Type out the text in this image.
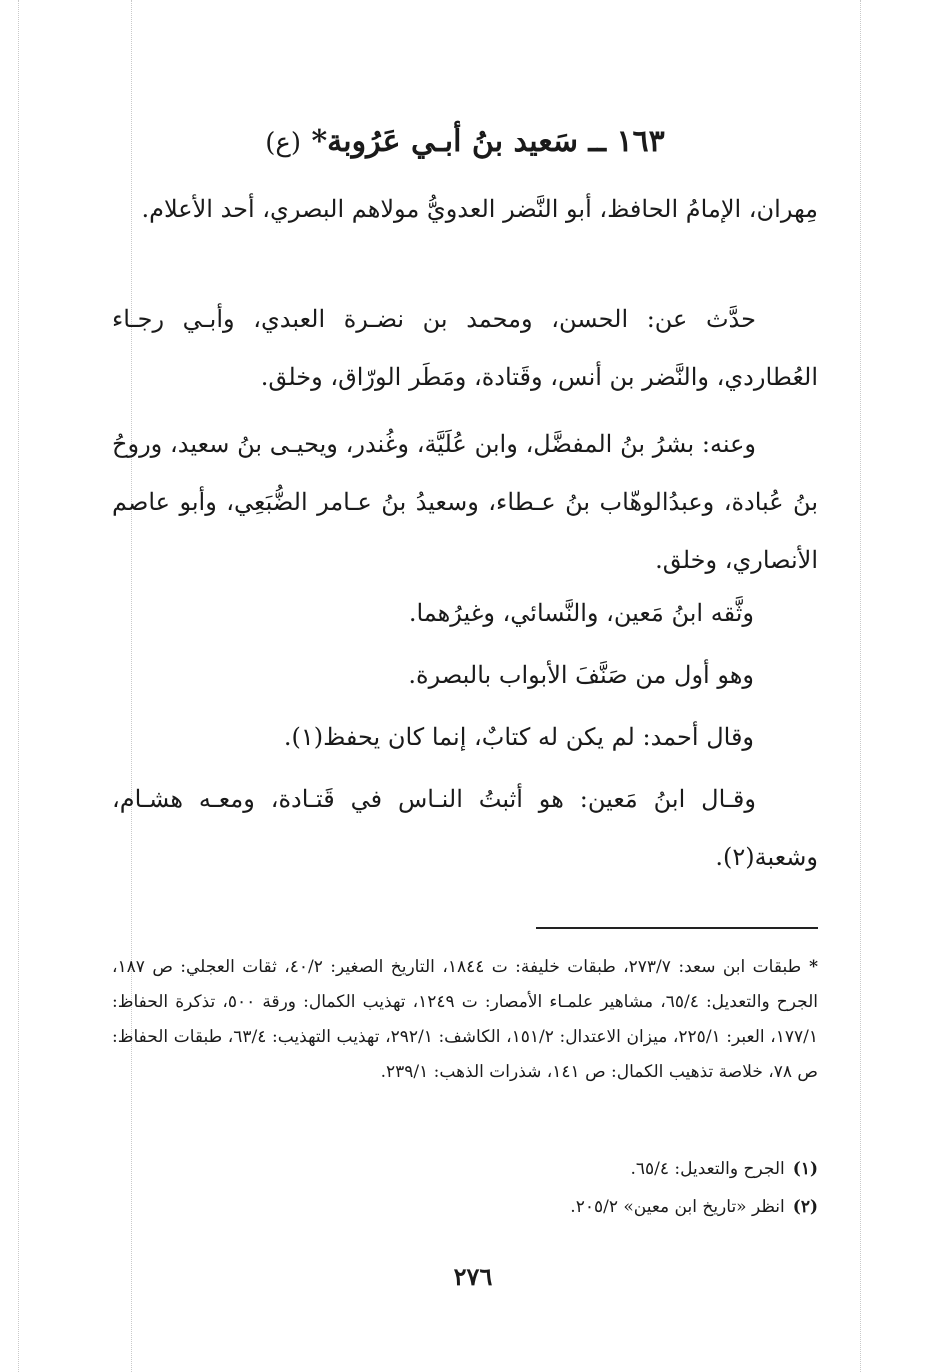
١٦٣ ــ سَعيد بنُ أبـي عَرُوبة* (ع)
مِهران، الإمامُ الحافظ، أبو النَّضر العدويُّ مولاهم البصري، أحد الأعلام.
حدَّث عن: الحسن، ومحمد بن نضـرة العبدي، وأبـي رجـاء العُطاردي، والنَّضر بن أنس، وقَتادة، ومَطَر الورّاق، وخلق.
وعنه: بشرُ بنُ المفضَّل، وابن عُلَيَّة، وغُندر، ويحيـى بنُ سعيد، وروحُ بنُ عُبادة، وعبدُالوهّاب بنُ عـطاء، وسعيدُ بنُ عـامر الضُّبَعِي، وأبو عاصم الأنصاري، وخلق.
وثَّقه ابنُ مَعين، والنَّسائي، وغيرُهما.
وهو أول من صَنَّفَ الأبواب بالبصرة.
وقال أحمد: لم يكن له كتابٌ، إنما كان يحفظ(١).
وقـال ابنُ مَعين: هو أثبتُ النـاس في قَتـادة، ومعـه هشـام، وشعبة(٢).
*طبقات ابن سعد: ٢٧٣/٧، طبقات خليفة: ت ١٨٤٤، التاريخ الصغير: ٤٠/٢، ثقات العجلي: ص ١٨٧، الجرح والتعديل: ٦٥/٤، مشاهير علمـاء الأمصار: ت ١٢٤٩، تهذيب الكمال: ورقة ٥٠٠، تذكرة الحفاظ: ١٧٧/١، العبر: ٢٢٥/١، ميزان الاعتدال: ١٥١/٢، الكاشف: ٢٩٢/١، تهذيب التهذيب: ٦٣/٤، طبقات الحفاظ: ص ٧٨، خلاصة تذهيب الكمال: ص ١٤١، شذرات الذهب: ٢٣٩/١.
(١)الجرح والتعديل: ٦٥/٤.
(٢)انظر «تاريخ ابن معين» ٢٠٥/٢.
٢٧٦
